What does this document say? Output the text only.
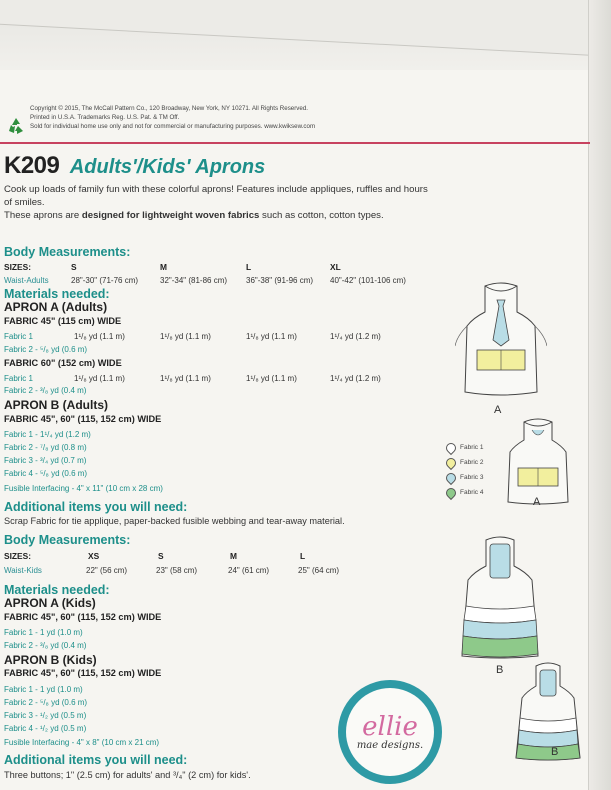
Copyright © 2015, The McCall Pattern Co., 120 Broadway, New York, NY 10271. All Rights Reserved.
Printed in U.S.A. Trademarks Reg. U.S. Pat. & TM Off.
Sold for individual home use only and not for commercial or manufacturing purposes. www.kwiksew.com
K209 Adults'/Kids' Aprons
Cook up loads of family fun with these colorful aprons! Features include appliques, ruffles and hours of smiles.
These aprons are designed for lightweight woven fabrics such as cotton, cotton types.
Body Measurements:
SIZES:	S	M	L	XL
Waist-Adults	28"-30" (71-76 cm)	32"-34" (81-86 cm) 36"-38" (91-96 cm) 40"-42" (101-106 cm)
Materials needed:
APRON A (Adults)
FABRIC 45" (115 cm) WIDE
Fabric 1	1¹/₈ yd (1.1 m)	1¹/₈ yd (1.1 m)	1¹/₈ yd (1.1 m)	1¹/₄ yd (1.2 m)
Fabric 2 - ⁵/₈ yd (0.6 m)
FABRIC 60" (152 cm) WIDE
Fabric 1	1¹/₈ yd (1.1 m)	1¹/₈ yd (1.1 m)	1¹/₈ yd (1.1 m)	1¹/₄ yd (1.2 m)
Fabric 2 - ³/₈ yd (0.4 m)
APRON B (Adults)
FABRIC 45", 60" (115, 152 cm) WIDE
Fabric 1 - 1¹/₄ yd (1.2 m)
Fabric 2 - ⁷/₈ yd (0.8 m)
Fabric 3 - ³/₄ yd (0.7 m)
Fabric 4 - ⁵/₈ yd (0.6 m)
Fusible Interfacing - 4" x 11" (10 cm x 28 cm)
Additional items you will need:
Scrap Fabric for tie applique, paper-backed fusible webbing and tear-away material.
Body Measurements:
SIZES:	XS	S	M	L
Waist-Kids	22" (56 cm)	23" (58 cm)	24" (61 cm)	25" (64 cm)
Materials needed:
APRON A (Kids)
FABRIC 45", 60" (115, 152 cm) WIDE
Fabric 1 - 1 yd (1.0 m)
Fabric 2 - ³/₈ yd (0.4 m)
APRON B (Kids)
FABRIC 45", 60" (115, 152 cm) WIDE
Fabric 1 - 1 yd (1.0 m)
Fabric 2 - ⁵/₈ yd (0.6 m)
Fabric 3 - ¹/₂ yd (0.5 m)
Fabric 4 - ¹/₂ yd (0.5 m)
Fusible Interfacing - 4" x 8" (10 cm x 21 cm)
Additional items you will need:
Three buttons; 1" (2.5 cm) for adults' and ³/₄" (2 cm) for kids'.
A
A
Fabric 1
Fabric 2
Fabric 3
Fabric 4
B
B
ellie
mae designs.
